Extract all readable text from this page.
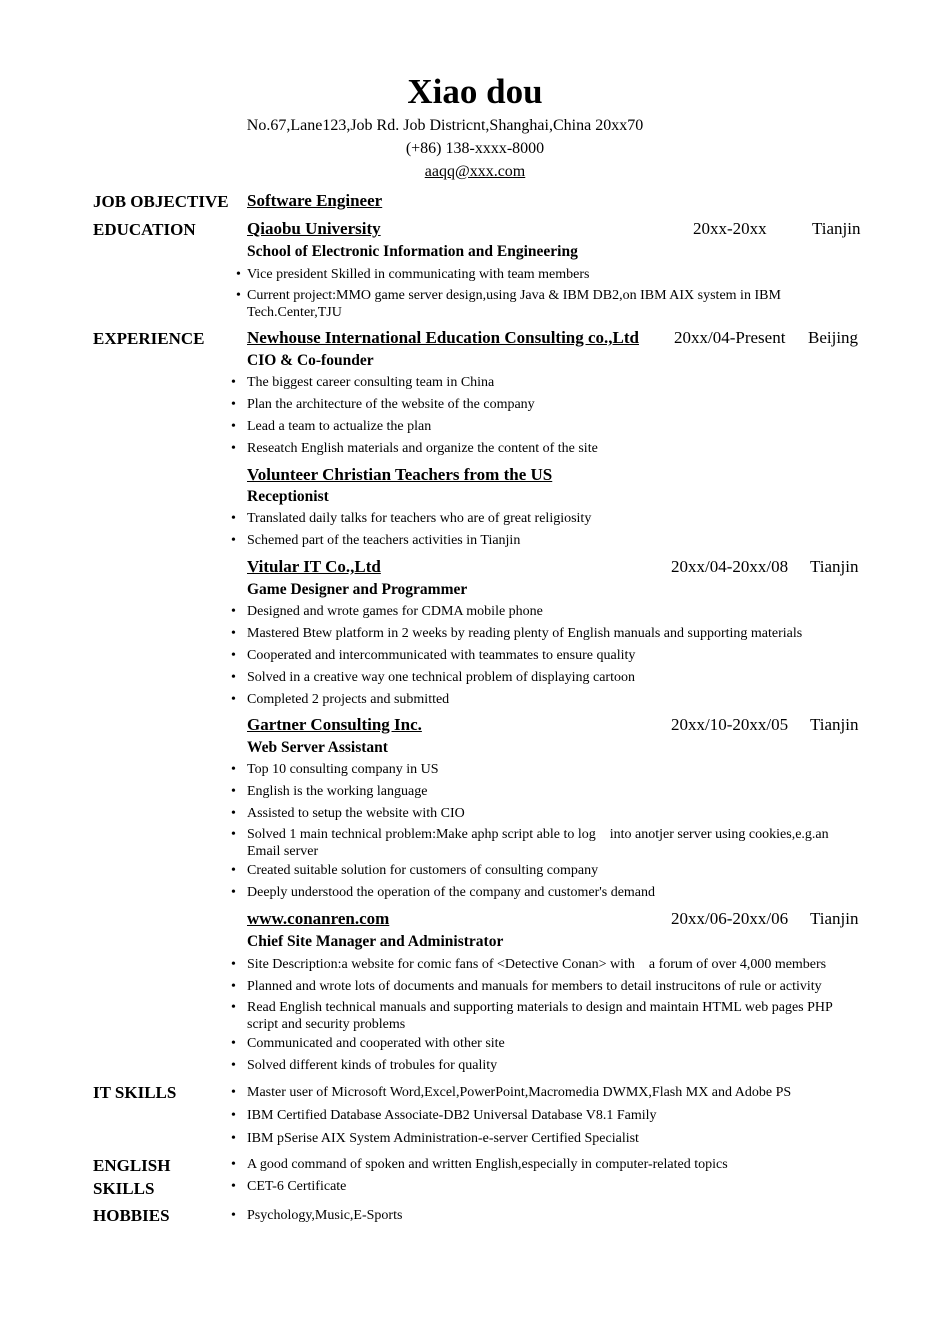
Xiao dou
No.67,Lane123,Job Rd. Job Districnt,Shanghai,China 20xx70
(+86) 138-xxxx-8000
aaqq@xxx.com
JOB OBJECTIVE Software Engineer
EDUCATION	Qiaobu University	20xx-20xx	Tianjin
School of Electronic Information and Engineering
• Vice president Skilled in communicating with team members
• Current project:MMO game server design,using Java & IBM DB2,on IBM AIX system in IBM Tech.Center,TJU
EXPERIENCE	Newhouse International Education Consulting co.,Ltd 20xx/04-Present Beijing
CIO & Co-founder
• The biggest career consulting team in China
• Plan the architecture of the website of the company
• Lead a team to actualize the plan
• Reseatch English materials and organize the content of the site
Volunteer Christian Teachers from the US
Receptionist
• Translated daily talks for teachers who are of great religiosity
• Schemed part of the teachers activities in Tianjin
Vitular IT Co.,Ltd	20xx/04-20xx/08 Tianjin
Game Designer and Programmer
• Designed and wrote games for CDMA mobile phone
• Mastered Btew platform in 2 weeks by reading plenty of English manuals and supporting materials
• Cooperated and intercommunicated with teammates to ensure quality
• Solved in a creative way one technical problem of displaying cartoon
• Completed 2 projects and submitted
Gartner Consulting Inc.	20xx/10-20xx/05 Tianjin
Web Server Assistant
• Top 10 consulting company in US
• English is the working language
• Assisted to setup the website with CIO
• Solved 1 main technical problem:Make aphp script able to log    into anotjer server using cookies,e.g.an Email server
• Created suitable solution for customers of consulting company
• Deeply understood the operation of the company and customer's demand
www.conanren.com	20xx/06-20xx/06 Tianjin
Chief Site Manager and Administrator
• Site Description:a website for comic fans of <Detective Conan> with    a forum of over 4,000 members
• Planned and wrote lots of documents and manuals for members to detail instrucitons of rule or activity
• Read English technical manuals and supporting materials to design and maintain HTML web pages PHP script and security problems
• Communicated and cooperated with other site
• Solved different kinds of trobules for quality
IT SKILLS	• Master user of Microsoft Word,Excel,PowerPoint,Macromedia DWMX,Flash MX and Adobe PS
• IBM Certified Database Associate-DB2 Universal Database V8.1 Family
• IBM pSerise AIX System Administration-e-server Certified Specialist
ENGLISH
SKILLS
• A good command of spoken and written English,especially in computer-related topics
• CET-6 Certificate
HOBBIES	• Psychology,Music,E-Sports
